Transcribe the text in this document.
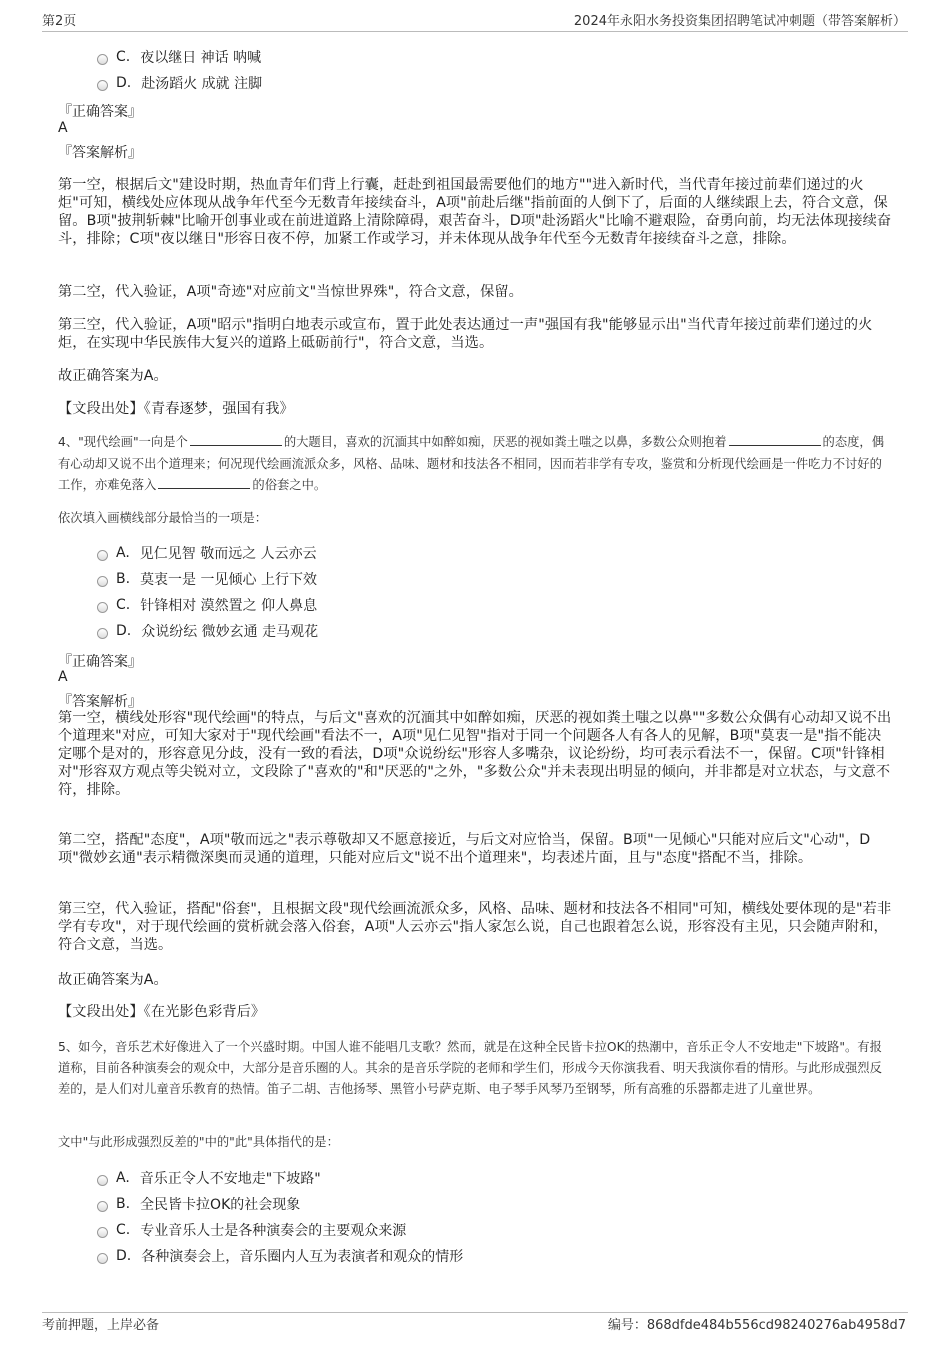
第2页	2024年永阳水务投资集团招聘笔试冲刺题（带答案解析）
C. 夜以继日 神话 呐喊
D. 赴汤蹈火 成就 注脚
『正确答案』
A
『答案解析』
第一空，根据后文"建设时期，热血青年们背上行囊，赶赴到祖国最需要他们的地方""进入新时代，当代青年接过前辈们递过的火炬"可知，横线处应体现从战争年代至今无数青年接续奋斗，A项"前赴后继"指前面的人倒下了，后面的人继续跟上去，符合文意，保留。B项"披荆斩棘"比喻开创事业或在前进道路上清除障碍，艰苦奋斗，D项"赴汤蹈火"比喻不避艰险，奋勇向前，均无法体现接续奋斗，排除；C项"夜以继日"形容日夜不停，加紧工作或学习，并未体现从战争年代至今无数青年接续奋斗之意，排除。
第二空，代入验证，A项"奇迹"对应前文"当惊世界殊"，符合文意，保留。
第三空，代入验证，A项"昭示"指明白地表示或宣布，置于此处表达通过一声"强国有我"能够显示出"当代青年接过前辈们递过的火炬，在实现中华民族伟大复兴的道路上砥砺前行"，符合文意，当选。
故正确答案为A。
【文段出处】《青春逐梦，强国有我》
4、"现代绘画"一向是个	的大题目，喜欢的沉湎其中如醉如痴，厌恶的视如粪土嗤之以鼻，多数公众则抱着	的态度，偶有心动却又说不出个道理来；何况现代绘画流派众多，风格、品味、题材和技法各不相同，因而若非学有专攻，鉴赏和分析现代绘画是一件吃力不讨好的工作，亦难免落入	的俗套之中。
依次填入画横线部分最恰当的一项是：
A. 见仁见智 敬而远之 人云亦云
B. 莫衷一是 一见倾心 上行下效
C. 针锋相对 漠然置之 仰人鼻息
D. 众说纷纭 微妙玄通 走马观花
『正确答案』
A
『答案解析』
第一空，横线处形容"现代绘画"的特点，与后文"喜欢的沉湎其中如醉如痴，厌恶的视如粪土嗤之以鼻""多数公众偶有心动却又说不出个道理来"对应，可知大家对于"现代绘画"看法不一，A项"见仁见智"指对于同一个问题各人有各人的见解，B项"莫衷一是"指不能决定哪个是对的，形容意见分歧，没有一致的看法，D项"众说纷纭"形容人多嘴杂，议论纷纷，均可表示看法不一，保留。C项"针锋相对"形容双方观点等尖锐对立，文段除了"喜欢的"和"厌恶的"之外，"多数公众"并未表现出明显的倾向，并非都是对立状态，与文意不符，排除。
第二空，搭配"态度"，A项"敬而远之"表示尊敬却又不愿意接近，与后文对应恰当，保留。B项"一见倾心"只能对应后文"心动"，D项"微妙玄通"表示精微深奥而灵通的道理，只能对应后文"说不出个道理来"，均表述片面，且与"态度"搭配不当，排除。
第三空，代入验证，搭配"俗套"，且根据文段"现代绘画流派众多，风格、品味、题材和技法各不相同"可知，横线处要体现的是"若非学有专攻"，对于现代绘画的赏析就会落入俗套，A项"人云亦云"指人家怎么说，自己也跟着怎么说，形容没有主见，只会随声附和，符合文意，当选。
故正确答案为A。
【文段出处】《在光影色彩背后》
5、如今，音乐艺术好像进入了一个兴盛时期。中国人谁不能唱几支歌？然而，就是在这种全民皆卡拉OK的热潮中，音乐正令人不安地走"下坡路"。有报道称，目前各种演奏会的观众中，大部分是音乐圈的人。其余的是音乐学院的老师和学生们，形成今天你演我看、明天我演你看的情形。与此形成强烈反差的，是人们对儿童音乐教育的热情。笛子二胡、吉他扬琴、黑管小号萨克斯、电子琴手风琴乃至钢琴，所有高雅的乐器都走进了儿童世界。
文中"与此形成强烈反差的"中的"此"具体指代的是：
A. 音乐正令人不安地走"下坡路"
B. 全民皆卡拉OK的社会现象
C. 专业音乐人士是各种演奏会的主要观众来源
D. 各种演奏会上，音乐圈内人互为表演者和观众的情形
考前押题，上岸必备	编号：868dfde484b556cd98240276ab4958d7
